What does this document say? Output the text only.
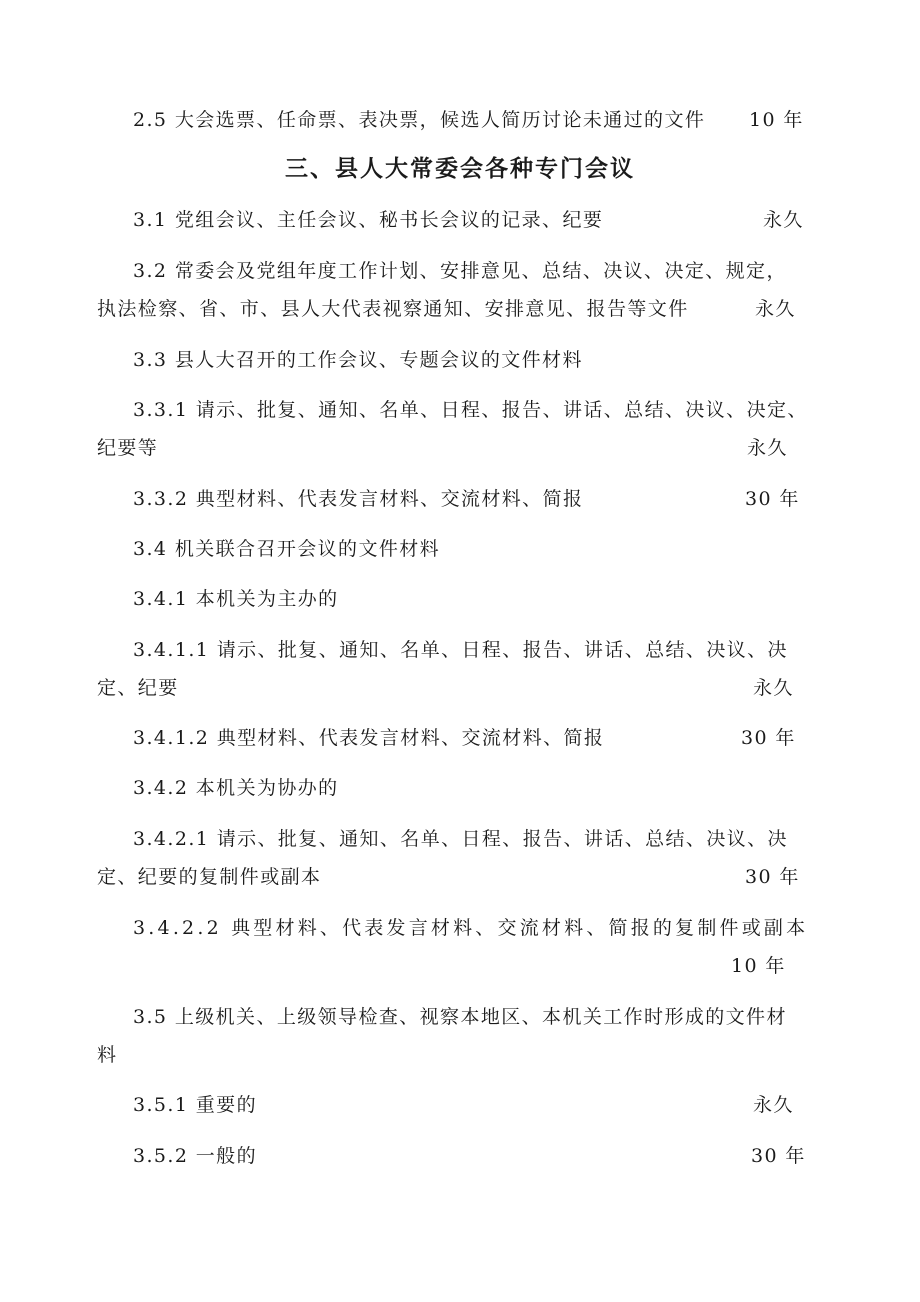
2.5 大会选票、任命票、表决票，候选人简历讨论未通过的文件 10 年
三、县人大常委会各种专门会议
3.1 党组会议、主任会议、秘书长会议的记录、纪要	永久
3.2 常委会及党组年度工作计划、安排意见、总结、决议、决定、规定，
执法检察、省、市、县人大代表视察通知、安排意见、报告等文件	永久
3.3 县人大召开的工作会议、专题会议的文件材料
3.3.1 请示、批复、通知、名单、日程、报告、讲话、总结、决议、决定、
纪要等	永久
3.3.2 典型材料、代表发言材料、交流材料、简报	30 年
3.4 机关联合召开会议的文件材料
3.4.1 本机关为主办的
3.4.1.1 请示、批复、通知、名单、日程、报告、讲话、总结、决议、决
定、纪要	永久
3.4.1.2 典型材料、代表发言材料、交流材料、简报	30 年
3.4.2 本机关为协办的
3.4.2.1 请示、批复、通知、名单、日程、报告、讲话、总结、决议、决
定、纪要的复制件或副本	30 年
3.4.2.2 典型材料、代表发言材料、交流材料、简报的复制件或副本
10 年
3.5 上级机关、上级领导检查、视察本地区、本机关工作时形成的文件材
料
3.5.1 重要的	永久
3.5.2 一般的	30 年
